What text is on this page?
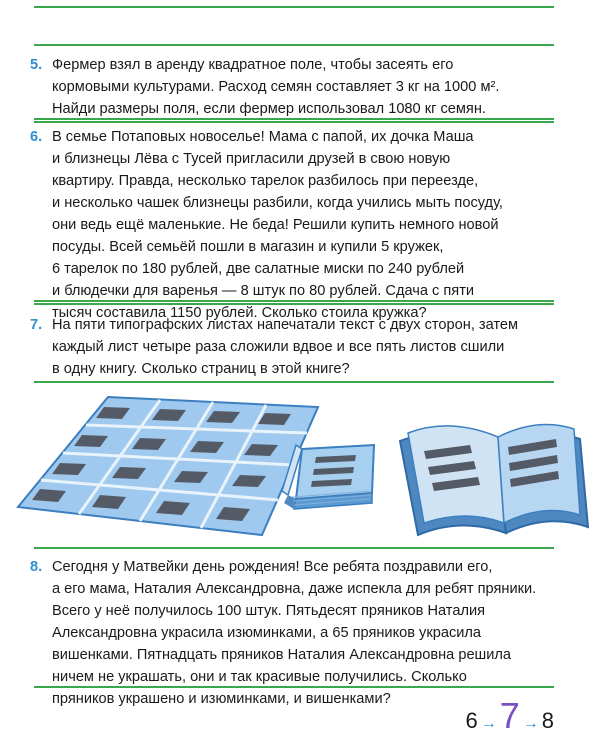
5. Фермер взял в аренду квадратное поле, чтобы засеять его
кормовыми культурами. Расход семян составляет 3 кг на 1000 м².
Найди размеры поля, если фермер использовал 1080 кг семян.
6. В семье Потаповых новоселье! Мама с папой, их дочка Маша
и близнецы Лёва с Тусей пригласили друзей в свою новую
квартиру. Правда, несколько тарелок разбилось при переезде,
и несколько чашек близнецы разбили, когда учились мыть посуду,
они ведь ещё маленькие. Не беда! Решили купить немного новой
посуды. Всей семьёй пошли в магазин и купили 5 кружек,
6 тарелок по 180 рублей, две салатные миски по 240 рублей
и блюдечки для варенья — 8 штук по 80 рублей. Сдача с пяти
тысяч составила 1150 рублей. Сколько стоила кружка?
7. На пяти типографских листах напечатали текст с двух сторон, затем
каждый лист четыре раза сложили вдвое и все пять листов сшили
в одну книгу. Сколько страниц в этой книге?
8. Сегодня у Матвейки день рождения! Все ребята поздравили его,
а его мама, Наталия Александровна, даже испекла для ребят пряники.
Всего у неё получилось 100 штук. Пятьдесят пряников Наталия
Александровна украсила изюминками, а 65 пряников украсила
вишенками. Пятнадцать пряников Наталия Александровна решила
ничем не украшать, они и так красивые получились. Сколько
пряников украшено и изюминками, и вишенками?
6 → 7 → 8
